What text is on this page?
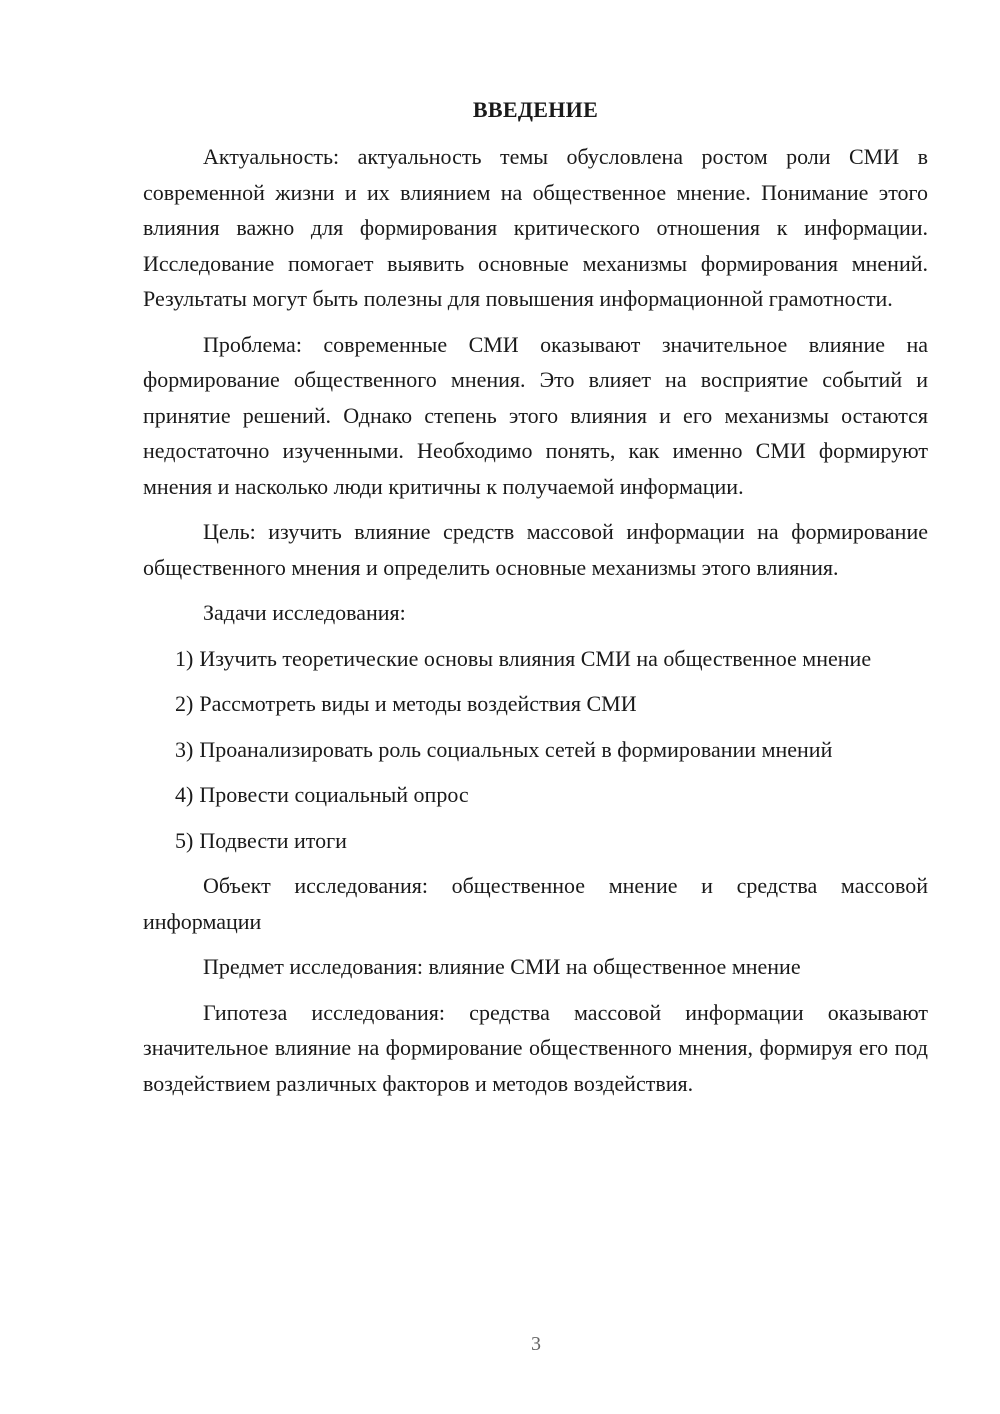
ВВЕДЕНИЕ

Актуальность: актуальность темы обусловлена ростом роли СМИ в современной жизни и их влиянием на общественное мнение. Понимание этого влияния важно для формирования критического отношения к информации. Исследование помогает выявить основные механизмы формирования мнений. Результаты могут быть полезны для повышения информационной грамотности.

Проблема: современные СМИ оказывают значительное влияние на формирование общественного мнения. Это влияет на восприятие событий и принятие решений. Однако степень этого влияния и его механизмы остаются недостаточно изученными. Необходимо понять, как именно СМИ формируют мнения и насколько люди критичны к получаемой информации.

Цель: изучить влияние средств массовой информации на формирование общественного мнения и определить основные механизмы этого влияния.

Задачи исследования:

1) Изучить теоретические основы влияния СМИ на общественное мнение

2) Рассмотреть виды и методы воздействия СМИ

3) Проанализировать роль социальных сетей в формировании мнений

4) Провести социальный опрос

5) Подвести итоги

Объект исследования: общественное мнение и средства массовой информации

Предмет исследования: влияние СМИ на общественное мнение

Гипотеза исследования: средства массовой информации оказывают значительное влияние на формирование общественного мнения, формируя его под воздействием различных факторов и методов воздействия.

3
